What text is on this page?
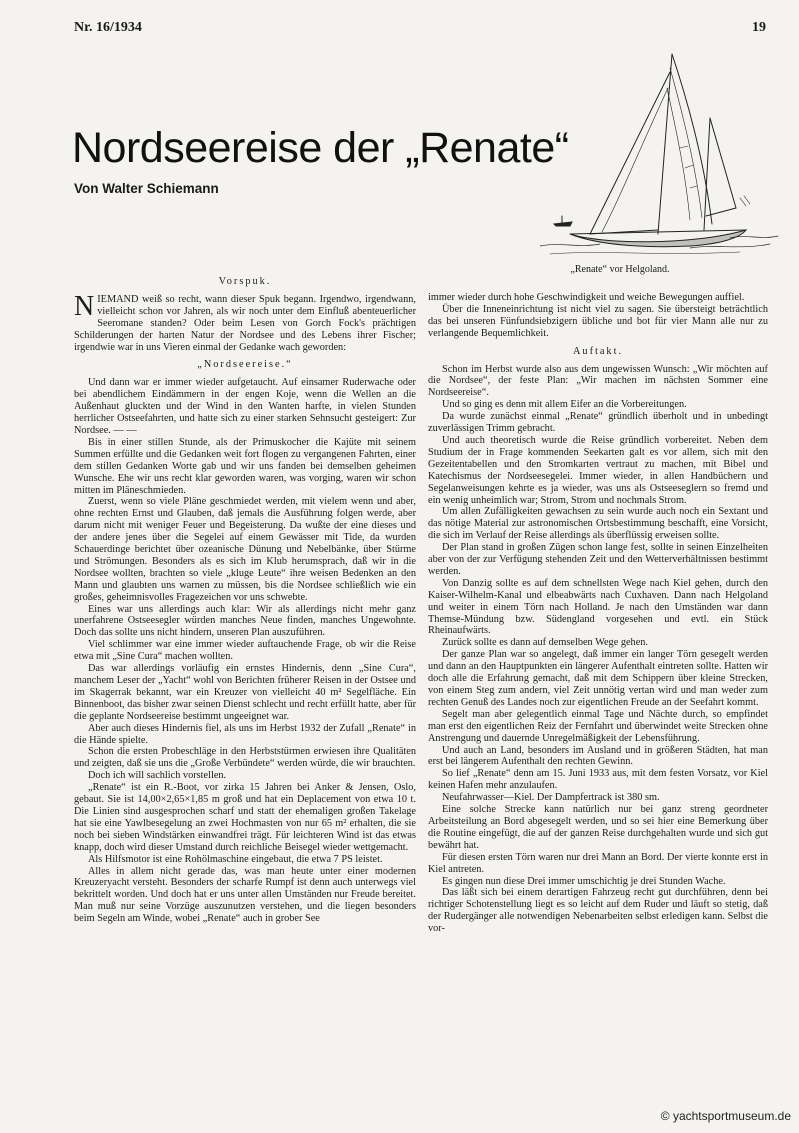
Nr. 16/1934	19
Nordseereise der „Renate“
Von Walter Schiemann
„Renate“ vor Helgoland.
Vorspuk.

NIEMAND weiß so recht, wann dieser Spuk begann. Irgendwo, irgendwann, vielleicht schon vor Jahren, als wir noch unter dem Einfluß abenteuerlicher Seeromane standen? Oder beim Lesen von Gorch Fock's prächtigen Schilderungen der harten Natur der Nordsee und des Lebens ihrer Fischer; irgendwie war in uns Vieren einmal der Gedanke wach geworden:

„Nordseereise.“

Und dann war er immer wieder aufgetaucht. Auf einsamer Ruderwache oder bei abendlichem Eindämmern in der engen Koje, wenn die Wellen an die Außenhaut gluckten und der Wind in den Wanten harfte, in vielen Stunden herrlicher Ostseefahrten, und hatte sich zu einer starken Sehnsucht gesteigert: Zur Nordsee. — —

Bis in einer stillen Stunde, als der Primuskocher die Kajüte mit seinem Summen erfüllte und die Gedanken weit fort flogen zu vergangenen Fahrten, einer dem stillen Gedanken Worte gab und wir uns fanden bei demselben geheimen Wunsche. Ehe wir uns recht klar geworden waren, was vorging, waren wir schon mitten im Pläneschmieden.

Zuerst, wenn so viele Pläne geschmiedet werden, mit vielem wenn und aber, ohne rechten Ernst und Glauben, daß jemals die Ausführung folgen werde, aber darum nicht mit weniger Feuer und Begeisterung. Da wußte der eine dieses und der andere jenes über die Segelei auf einem Gewässer mit Tide, da wurden Schauerdinge berichtet über ozeanische Dünung und Nebelbänke, über Stürme und Strömungen. Besonders als es sich im Klub herumsprach, daß wir in die Nordsee wollten, brachten so viele „kluge Leute“ ihre weisen Bedenken an den Mann und glaubten uns warnen zu müssen, bis die Nordsee schließlich wie ein großes, geheimnisvolles Fragezeichen vor uns schwebte.

Eines war uns allerdings auch klar: Wir als allerdings nicht mehr ganz unerfahrene Ostseesegler würden manches Neue finden, manches Ungewohnte. Doch das sollte uns nicht hindern, unseren Plan auszuführen.

Viel schlimmer war eine immer wieder auftauchende Frage, ob wir die Reise etwa mit „Sine Cura“ machen wollten.

Das war allerdings vorläufig ein ernstes Hindernis, denn „Sine Cura“, manchem Leser der „Yacht“ wohl von Berichten früherer Reisen in der Ostsee und im Skagerrak bekannt, war ein Kreuzer von vielleicht 40 m² Segelfläche. Ein Binnenboot, das bisher zwar seinen Dienst schlecht und recht erfüllt hatte, aber für die geplante Nordseereise bestimmt ungeeignet war.

Aber auch dieses Hindernis fiel, als uns im Herbst 1932 der Zufall „Renate“ in die Hände spielte.

Schon die ersten Probeschläge in den Herbststürmen erwiesen ihre Qualitäten und zeigten, daß sie uns die „Große Verbündete“ werden würde, die wir brauchten.

Doch ich will sachlich vorstellen.

„Renate“ ist ein R.-Boot, vor zirka 15 Jahren bei Anker & Jensen, Oslo, gebaut. Sie ist 14,00×2,65×1,85 m groß und hat ein Deplacement von etwa 10 t. Die Linien sind ausgesprochen scharf und statt der ehemaligen großen Takelage hat sie eine Yawlbesegelung an zwei Hochmasten von nur 65 m² erhalten, die sie noch bei sieben Windstärken einwandfrei trägt. Für leichteren Wind ist das etwas knapp, doch wird dieser Umstand durch reichliche Beisegel wieder wettgemacht.

Als Hilfsmotor ist eine Rohölmaschine eingebaut, die etwa 7 PS leistet.

Alles in allem nicht gerade das, was man heute unter einer modernen Kreuzeryacht versteht. Besonders der scharfe Rumpf ist denn auch unterwegs viel bekrittelt worden. Und doch hat er uns unter allen Umständen nur Freude bereitet. Man muß nur seine Vorzüge auszunutzen verstehen, und die liegen besonders beim Segeln am Winde, wobei „Renate“ auch in grober See

immer wieder durch hohe Geschwindigkeit und weiche Bewegungen auffiel.

Über die Inneneinrichtung ist nicht viel zu sagen. Sie übersteigt beträchtlich das bei unseren Fünfundsiebzigern übliche und bot für vier Mann alle nur zu verlangende Bequemlichkeit.

Auftakt.

Schon im Herbst wurde also aus dem ungewissen Wunsch: „Wir möchten auf die Nordsee“, der feste Plan: „Wir machen im nächsten Sommer eine Nordseereise“.

Und so ging es denn mit allem Eifer an die Vorbereitungen.

Da wurde zunächst einmal „Renate“ gründlich überholt und in unbedingt zuverlässigen Trimm gebracht.

Und auch theoretisch wurde die Reise gründlich vorbereitet. Neben dem Studium der in Frage kommenden Seekarten galt es vor allem, sich mit den Gezeitentabellen und den Stromkarten vertraut zu machen, mit Bibel und Katechismus der Nordseesegelei. Immer wieder, in allen Handbüchern und Segelanweisungen kehrte es ja wieder, was uns als Ostseeseglern so fremd und ein wenig unheimlich war; Strom, Strom und nochmals Strom.

Um allen Zufälligkeiten gewachsen zu sein wurde auch noch ein Sextant und das nötige Material zur astronomischen Ortsbestimmung beschafft, eine Vorsicht, die sich im Verlauf der Reise allerdings als überflüssig erweisen sollte.

Der Plan stand in großen Zügen schon lange fest, sollte in seinen Einzelheiten aber von der zur Verfügung stehenden Zeit und den Wetterverhältnissen bestimmt werden.

Von Danzig sollte es auf dem schnellsten Wege nach Kiel gehen, durch den Kaiser-Wilhelm-Kanal und elbeabwärts nach Cuxhaven. Dann nach Helgoland und weiter in einem Törn nach Holland. Je nach den Umständen war dann Themse-Mündung bzw. Südengland vorgesehen und evtl. ein Stück Rheinaufwärts.

Zurück sollte es dann auf demselben Wege gehen.

Der ganze Plan war so angelegt, daß immer ein langer Törn gesegelt werden und dann an den Hauptpunkten ein längerer Aufenthalt eintreten sollte. Hatten wir doch alle die Erfahrung gemacht, daß mit dem Schippern über kleine Strecken, von einem Steg zum andern, viel Zeit unnötig vertan wird und man weder zum rechten Genuß des Landes noch zur eigentlichen Freude an der Seefahrt kommt.

Segelt man aber gelegentlich einmal Tage und Nächte durch, so empfindet man erst den eigentlichen Reiz der Fernfahrt und überwindet weite Strecken ohne Anstrengung und dauernde Unregelmäßigkeit der Lebensführung.

Und auch an Land, besonders im Ausland und in größeren Städten, hat man erst bei längerem Aufenthalt den rechten Gewinn.

So lief „Renate“ denn am 15. Juni 1933 aus, mit dem festen Vorsatz, vor Kiel keinen Hafen mehr anzulaufen.

Neufahrwasser—Kiel. Der Dampfertrack ist 380 sm.

Eine solche Strecke kann natürlich nur bei ganz streng geordneter Arbeitsteilung an Bord abgesegelt werden, und so sei hier eine Bemerkung über die Routine eingefügt, die auf der ganzen Reise durchgehalten wurde und sich gut bewährt hat.

Für diesen ersten Törn waren nur drei Mann an Bord. Der vierte konnte erst in Kiel antreten.

Es gingen nun diese Drei immer umschichtig je drei Stunden Wache.

Das läßt sich bei einem derartigen Fahrzeug recht gut durchführen, denn bei richtiger Schotenstellung liegt es so leicht auf dem Ruder und läuft so stetig, daß der Rudergänger alle notwendigen Nebenarbeiten selbst erledigen kann. Selbst die vor-

© yachtsportmuseum.de
